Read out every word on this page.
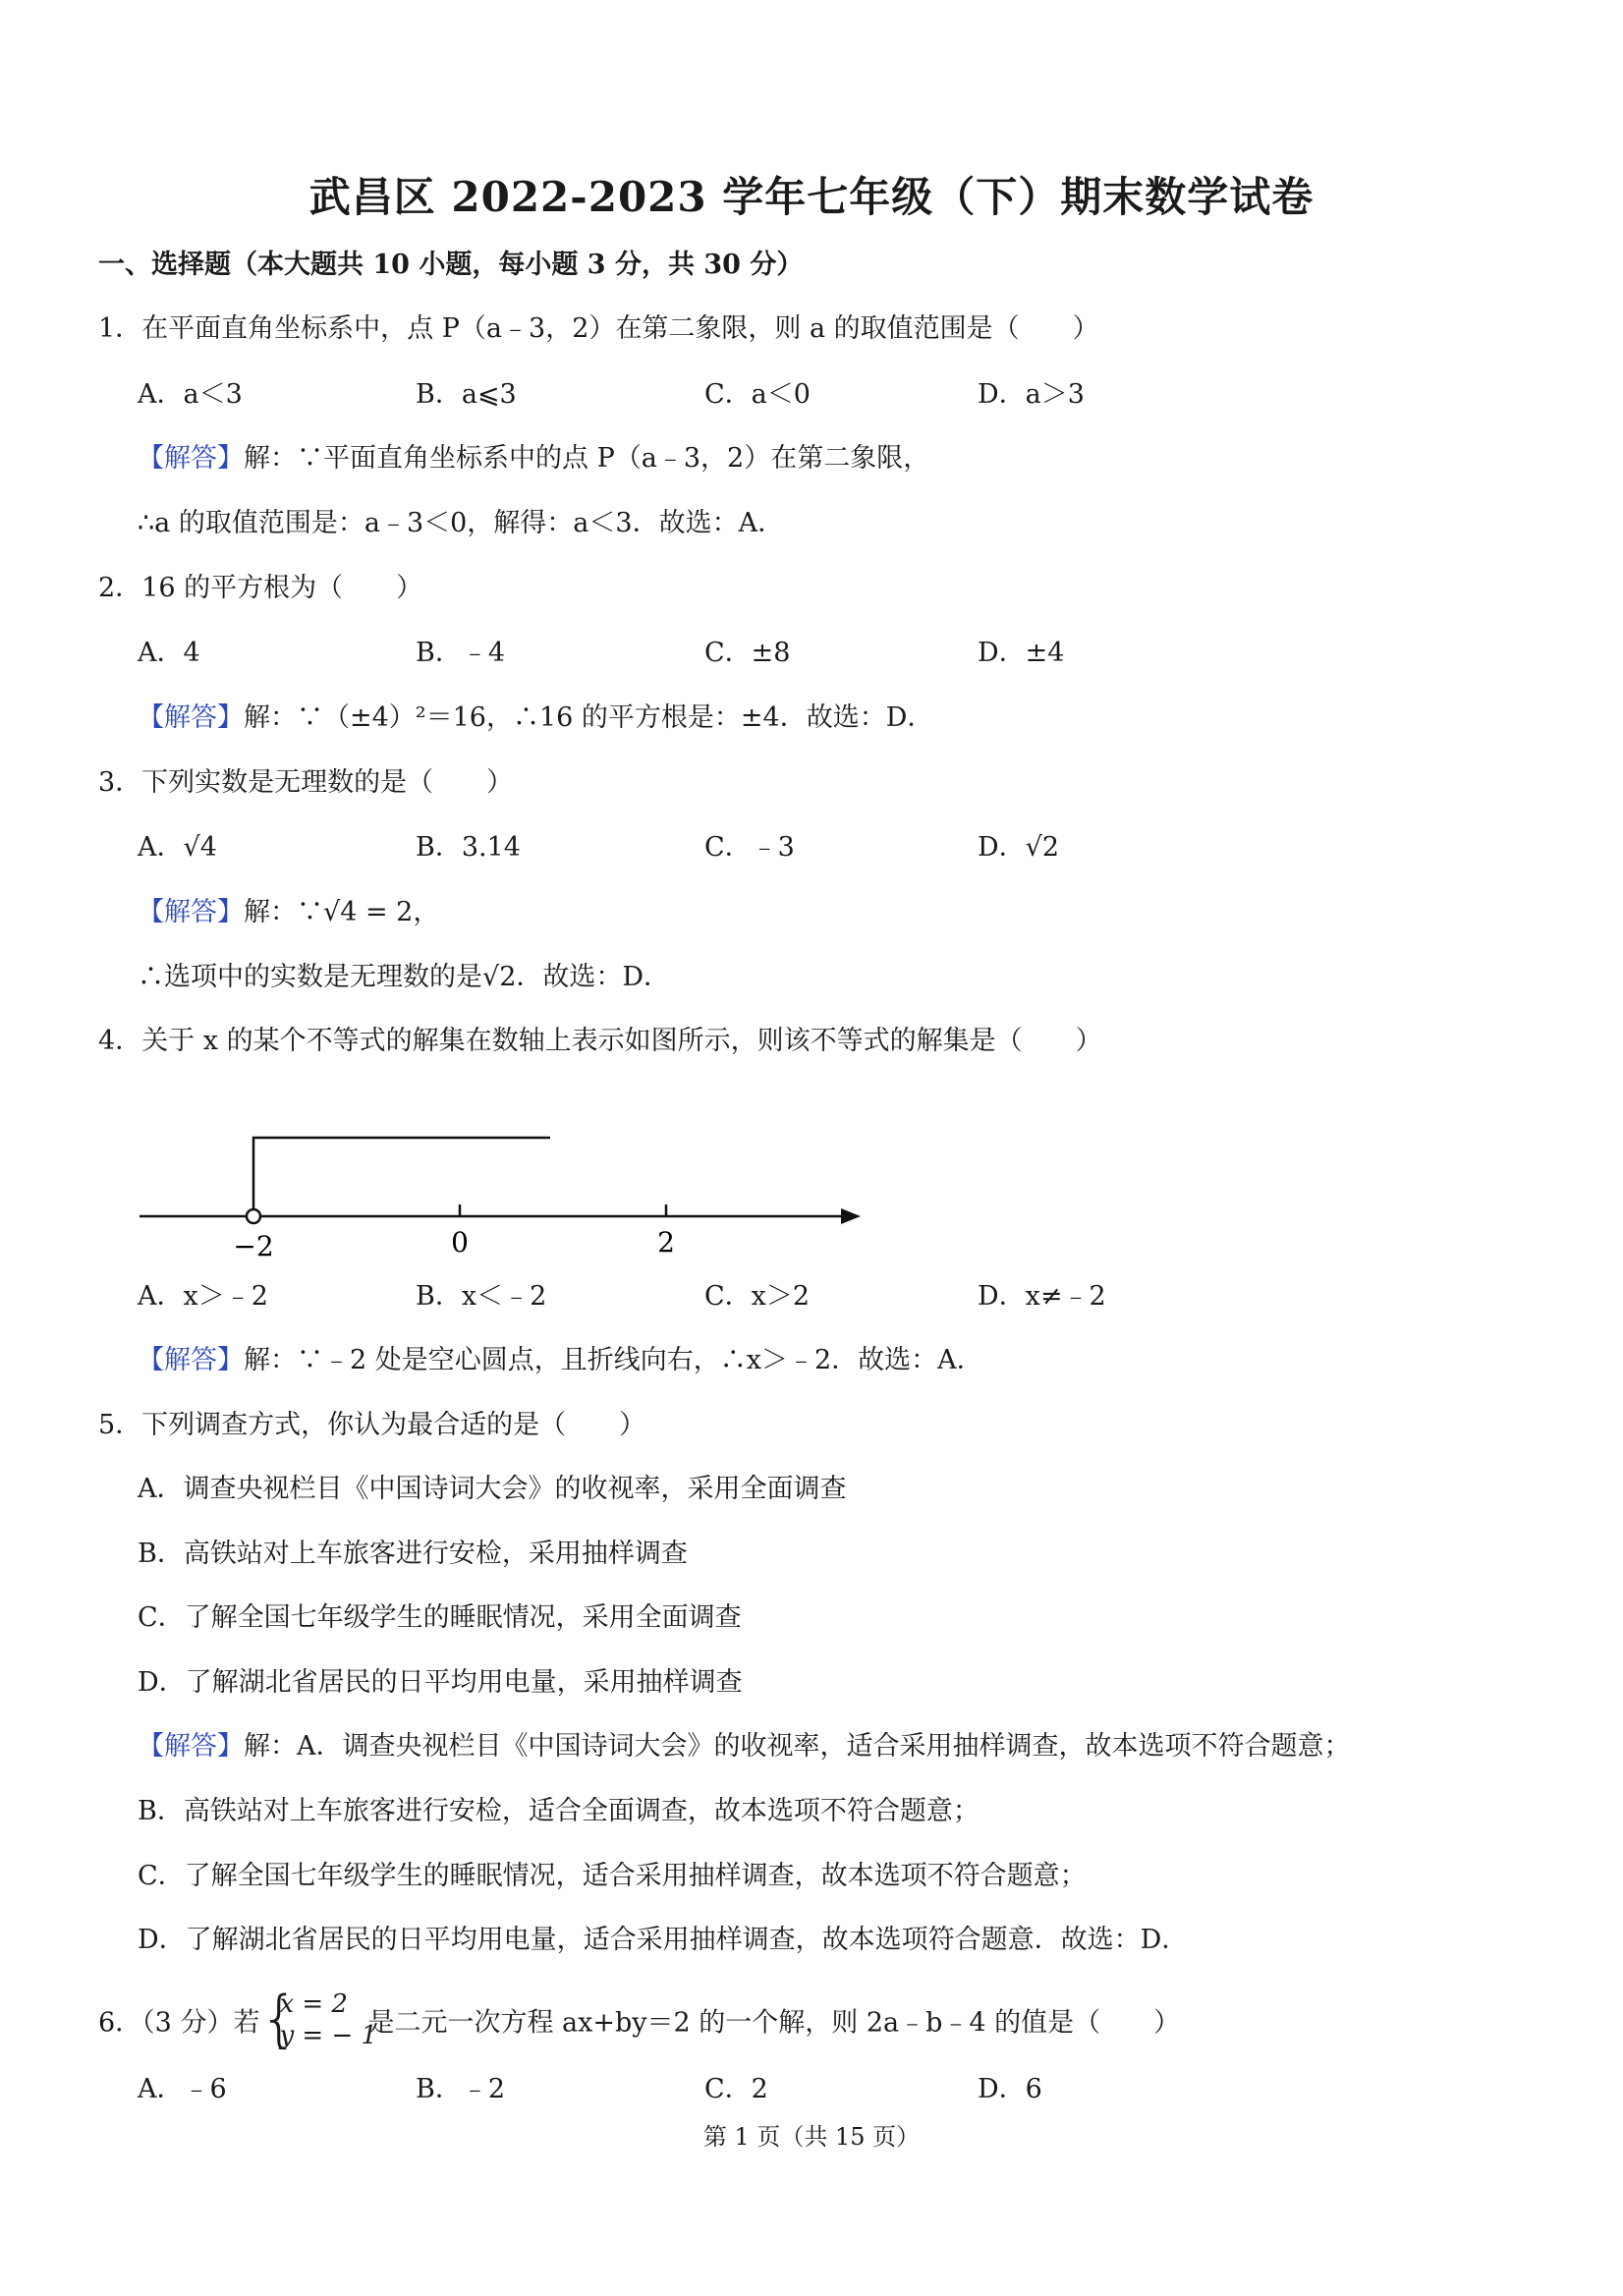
武昌区 2022-2023 学年七年级（下）期末数学试卷
一、选择题（本大题共 10 小题，每小题 3 分，共 30 分）
1．在平面直角坐标系中，点 P（a﹣3，2）在第二象限，则 a 的取值范围是（　　）
A．a＜3	B．a⩽3	C．a＜0	D．a＞3
【解答】解：∵平面直角坐标系中的点 P（a﹣3，2）在第二象限，
∴a 的取值范围是：a﹣3＜0，解得：a＜3．故选：A．
2．16 的平方根为（　　）
A．4	B．﹣4	C．±8	D．±4
【解答】解：∵（±4）²＝16，∴16 的平方根是：±4．故选：D．
3．下列实数是无理数的是（　　）
A．√4	B．3.14	C．﹣3	D．√2
【解答】解：∵√4 = 2，
∴选项中的实数是无理数的是√2．故选：D．
4．关于 x 的某个不等式的解集在数轴上表示如图所示，则该不等式的解集是（　　）
−2	0	2
A．x＞﹣2	B．x＜﹣2	C．x＞2	D．x≠﹣2
【解答】解：∵﹣2 处是空心圆点，且折线向右，∴x＞﹣2．故选：A．
5．下列调查方式，你认为最合适的是（　　）
A．调查央视栏目《中国诗词大会》的收视率，采用全面调查
B．高铁站对上车旅客进行安检，采用抽样调查
C．了解全国七年级学生的睡眠情况，采用全面调查
D．了解湖北省居民的日平均用电量，采用抽样调查
【解答】解：A．调查央视栏目《中国诗词大会》的收视率，适合采用抽样调查，故本选项不符合题意；
B．高铁站对上车旅客进行安检，适合全面调查，故本选项不符合题意；
C．了解全国七年级学生的睡眠情况，适合采用抽样调查，故本选项不符合题意；
D．了解湖北省居民的日平均用电量，适合采用抽样调查，故本选项符合题意．故选：D．
6．（3 分）若 {
x = 2
y = − 1
是二元一次方程 ax+by＝2 的一个解，则 2a﹣b﹣4 的值是（　　）
A．﹣6	B．﹣2	C．2	D．6
第 1 页（共 15 页）
